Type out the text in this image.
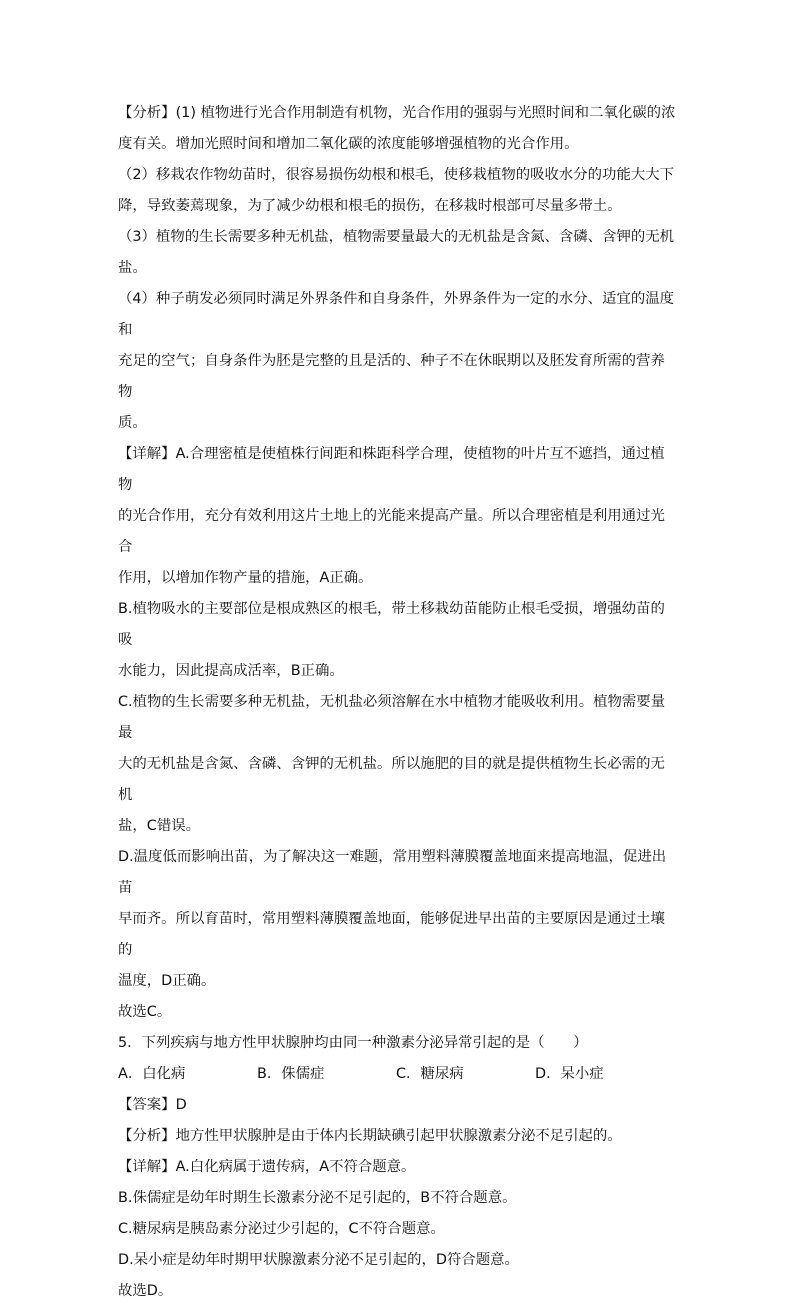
【分析】(1) 植物进行光合作用制造有机物，光合作用的强弱与光照时间和二氧化碳的浓

度有关。增加光照时间和增加二氧化碳的浓度能够增强植物的光合作用。

（2）移栽农作物幼苗时，很容易损伤幼根和根毛，使移栽植物的吸收水分的功能大大下

降，导致萎蔫现象，为了减少幼根和根毛的损伤，在移栽时根部可尽量多带土。

（3）植物的生长需要多种无机盐，植物需要量最大的无机盐是含氮、含磷、含钾的无机

盐。

（4）种子萌发必须同时满足外界条件和自身条件，外界条件为一定的水分、适宜的温度和

充足的空气；自身条件为胚是完整的且是活的、种子不在休眠期以及胚发育所需的营养物

质。

【详解】A.合理密植是使植株行间距和株距科学合理，使植物的叶片互不遮挡，通过植物

的光合作用，充分有效利用这片土地上的光能来提高产量。所以合理密植是利用通过光合

作用，以增加作物产量的措施，A正确。

B.植物吸水的主要部位是根成熟区的根毛，带土移栽幼苗能防止根毛受损，增强幼苗的吸

水能力，因此提高成活率，B正确。

C.植物的生长需要多种无机盐，无机盐必须溶解在水中植物才能吸收利用。植物需要量最

大的无机盐是含氮、含磷、含钾的无机盐。所以施肥的目的就是提供植物生长必需的无机

盐，C错误。

D.温度低而影响出苗，为了解决这一难题，常用塑料薄膜覆盖地面来提高地温，促进出苗

早而齐。所以育苗时，常用塑料薄膜覆盖地面，能够促进早出苗的主要原因是通过土壤的

温度，D正确。

故选C。

5．下列疾病与地方性甲状腺肿均由同一种激素分泌异常引起的是（　　）

A．白化病	B．侏儒症	C．糖尿病	D．呆小症

【答案】D

【分析】地方性甲状腺肿是由于体内长期缺碘引起甲状腺激素分泌不足引起的。

【详解】A.白化病属于遗传病，A不符合题意。

B.侏儒症是幼年时期生长激素分泌不足引起的，B不符合题意。

C.糖尿病是胰岛素分泌过少引起的，C不符合题意。

D.呆小症是幼年时期甲状腺激素分泌不足引起的，D符合题意。

故选D。
